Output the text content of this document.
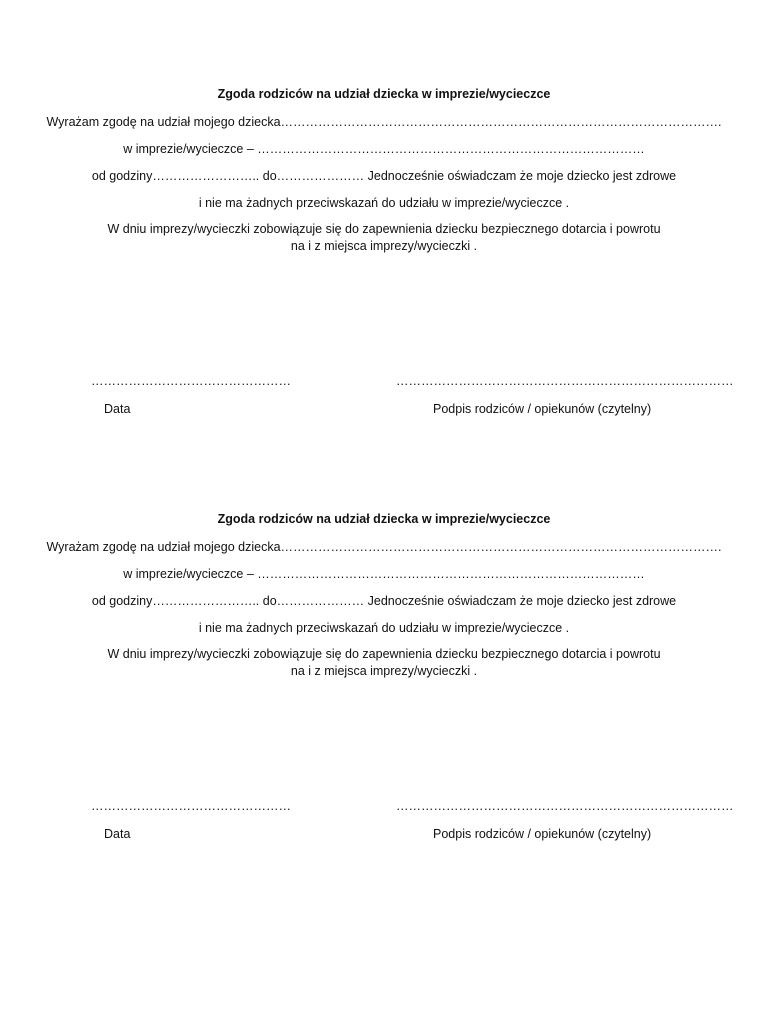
Zgoda rodziców na udział dziecka w imprezie/wycieczce
Wyrażam zgodę na udział mojego dziecka…………………………………………………………………………………………….
w imprezie/wycieczce – …………………………………………………………………………………
od godziny…………………….. do………………… Jednocześnie oświadczam że moje dziecko jest zdrowe
i nie ma żadnych przeciwskazań do udziału w imprezie/wycieczce .
W dniu imprezy/wycieczki zobowiązuje się do zapewnienia dziecku bezpiecznego dotarcia i powrotu
na i z miejsca imprezy/wycieczki .
…………………………………………	………………………………………………………………………
Data	Podpis rodziców / opiekunów (czytelny)
Zgoda rodziców na udział dziecka w imprezie/wycieczce
Wyrażam zgodę na udział mojego dziecka…………………………………………………………………………………………….
w imprezie/wycieczce – …………………………………………………………………………………
od godziny…………………….. do………………… Jednocześnie oświadczam że moje dziecko jest zdrowe
i nie ma żadnych przeciwskazań do udziału w imprezie/wycieczce .
W dniu imprezy/wycieczki zobowiązuje się do zapewnienia dziecku bezpiecznego dotarcia i powrotu
na i z miejsca imprezy/wycieczki .
…………………………………………	………………………………………………………………………
Data	Podpis rodziców / opiekunów (czytelny)
